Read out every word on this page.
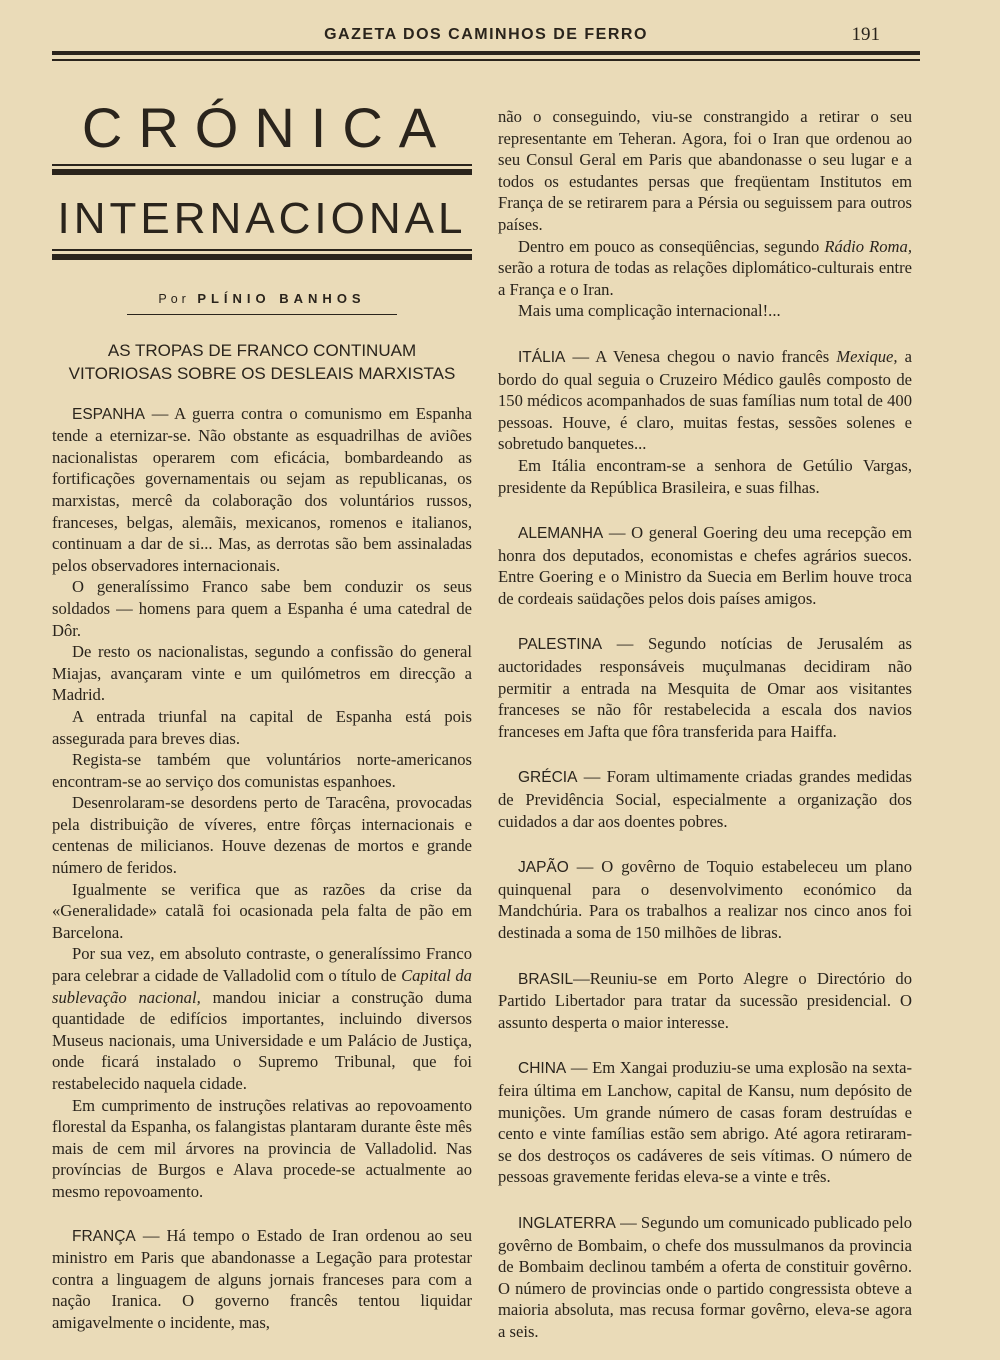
GAZETA DOS CAMINHOS DE FERRO	191
CRÓNICA
INTERNACIONAL
Por PLÍNIO BANHOS
AS TROPAS DE FRANCO CONTINUAM
VITORIOSAS SOBRE OS DESLEAIS MARXISTAS

ESPANHA — A guerra contra o comunismo em Espanha tende a eternizar-se. Não obstante as esquadrilhas de aviões nacionalistas operarem com eficácia, bombardeando as fortificações governamentais ou sejam as republicanas, os marxistas, mercê da colaboração dos voluntários russos, franceses, belgas, alemãis, mexicanos, romenos e italianos, continuam a dar de si... Mas, as derrotas são bem assinaladas pelos observadores internacionais.

O generalíssimo Franco sabe bem conduzir os seus soldados — homens para quem a Espanha é uma catedral de Dôr.

De resto os nacionalistas, segundo a confissão do general Miajas, avançaram vinte e um quilómetros em direcção a Madrid.

A entrada triunfal na capital de Espanha está pois assegurada para breves dias.

Regista-se também que voluntários norte-americanos encontram-se ao serviço dos comunistas espanhoes.

Desenrolaram-se desordens perto de Taracêna, provocadas pela distribuição de víveres, entre fôrças internacionais e centenas de milicianos. Houve dezenas de mortos e grande número de feridos.

Igualmente se verifica que as razões da crise da «Generalidade» catalã foi ocasionada pela falta de pão em Barcelona.

Por sua vez, em absoluto contraste, o generalíssimo Franco para celebrar a cidade de Valladolid com o título de Capital da sublevação nacional, mandou iniciar a construção duma quantidade de edifícios importantes, incluindo diversos Museus nacionais, uma Universidade e um Palácio de Justiça, onde ficará instalado o Supremo Tribunal, que foi restabelecido naquela cidade.

Em cumprimento de instruções relativas ao repovoamento florestal da Espanha, os falangistas plantaram durante êste mês mais de cem mil árvores na provincia de Valladolid. Nas províncias de Burgos e Alava procede-se actualmente ao mesmo repovoamento.

FRANÇA — Há tempo o Estado de Iran ordenou ao seu ministro em Paris que abandonasse a Legação para protestar contra a linguagem de alguns jornais franceses para com a nação Iranica. O governo francês tentou liquidar amigavelmente o incidente, mas,

não o conseguindo, viu-se constrangido a retirar o seu representante em Teheran. Agora, foi o Iran que ordenou ao seu Consul Geral em Paris que abandonasse o seu lugar e a todos os estudantes persas que freqüentam Institutos em França de se retirarem para a Pérsia ou seguissem para outros países.

Dentro em pouco as conseqüências, segundo Rádio Roma, serão a rotura de todas as relações diplomático-culturais entre a França e o Iran.

Mais uma complicação internacional!...

ITÁLIA — A Venesa chegou o navio francês Mexique, a bordo do qual seguia o Cruzeiro Médico gaulês composto de 150 médicos acompanhados de suas famílias num total de 400 pessoas. Houve, é claro, muitas festas, sessões solenes e sobretudo banquetes...

Em Itália encontram-se a senhora de Getúlio Vargas, presidente da República Brasileira, e suas filhas.

ALEMANHA — O general Goering deu uma recepção em honra dos deputados, economistas e chefes agrários suecos. Entre Goering e o Ministro da Suecia em Berlim houve troca de cordeais saüdações pelos dois países amigos.

PALESTINA — Segundo notícias de Jerusalém as auctoridades responsáveis muçulmanas decidiram não permitir a entrada na Mesquita de Omar aos visitantes franceses se não fôr restabelecida a escala dos navios franceses em Jafta que fôra transferida para Haiffa.

GRÉCIA — Foram ultimamente criadas grandes medidas de Previdência Social, especialmente a organização dos cuidados a dar aos doentes pobres.

JAPÃO — O govêrno de Toquio estabeleceu um plano quinquenal para o desenvolvimento económico da Mandchúria. Para os trabalhos a realizar nos cinco anos foi destinada a soma de 150 milhões de libras.

BRASIL—Reuniu-se em Porto Alegre o Directório do Partido Libertador para tratar da sucessão presidencial. O assunto desperta o maior interesse.

CHINA — Em Xangai produziu-se uma explosão na sexta-feira última em Lanchow, capital de Kansu, num depósito de munições. Um grande número de casas foram destruídas e cento e vinte famílias estão sem abrigo. Até agora retiraram-se dos destroços os cadáveres de seis vítimas. O número de pessoas gravemente feridas eleva-se a vinte e três.

INGLATERRA — Segundo um comunicado publicado pelo govêrno de Bombaim, o chefe dos mussulmanos da provincia de Bombaim declinou também a oferta de constituir govêrno. O número de provincias onde o partido congressista obteve a maioria absoluta, mas recusa formar govêrno, eleva-se agora a seis.
